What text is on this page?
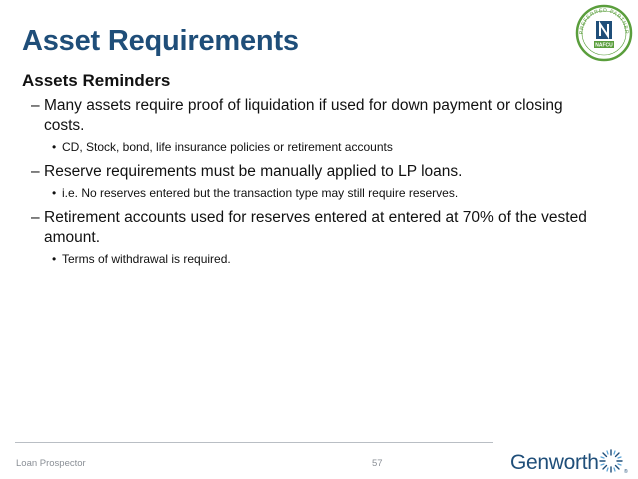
Asset Requirements	PREFERRED PARTNER
NAFCU
Assets Reminders
– Many assets require proof of liquidation if used for down payment or closing costs.
• CD, Stock, bond, life insurance policies or retirement accounts
– Reserve requirements must be manually applied to LP loans.
• i.e. No reserves entered but the transaction type may still require reserves.
– Retirement accounts used for reserves entered at entered at 70% of the vested amount.
• Terms of withdrawal is required.
Loan Prospector	57	Genworth	®
